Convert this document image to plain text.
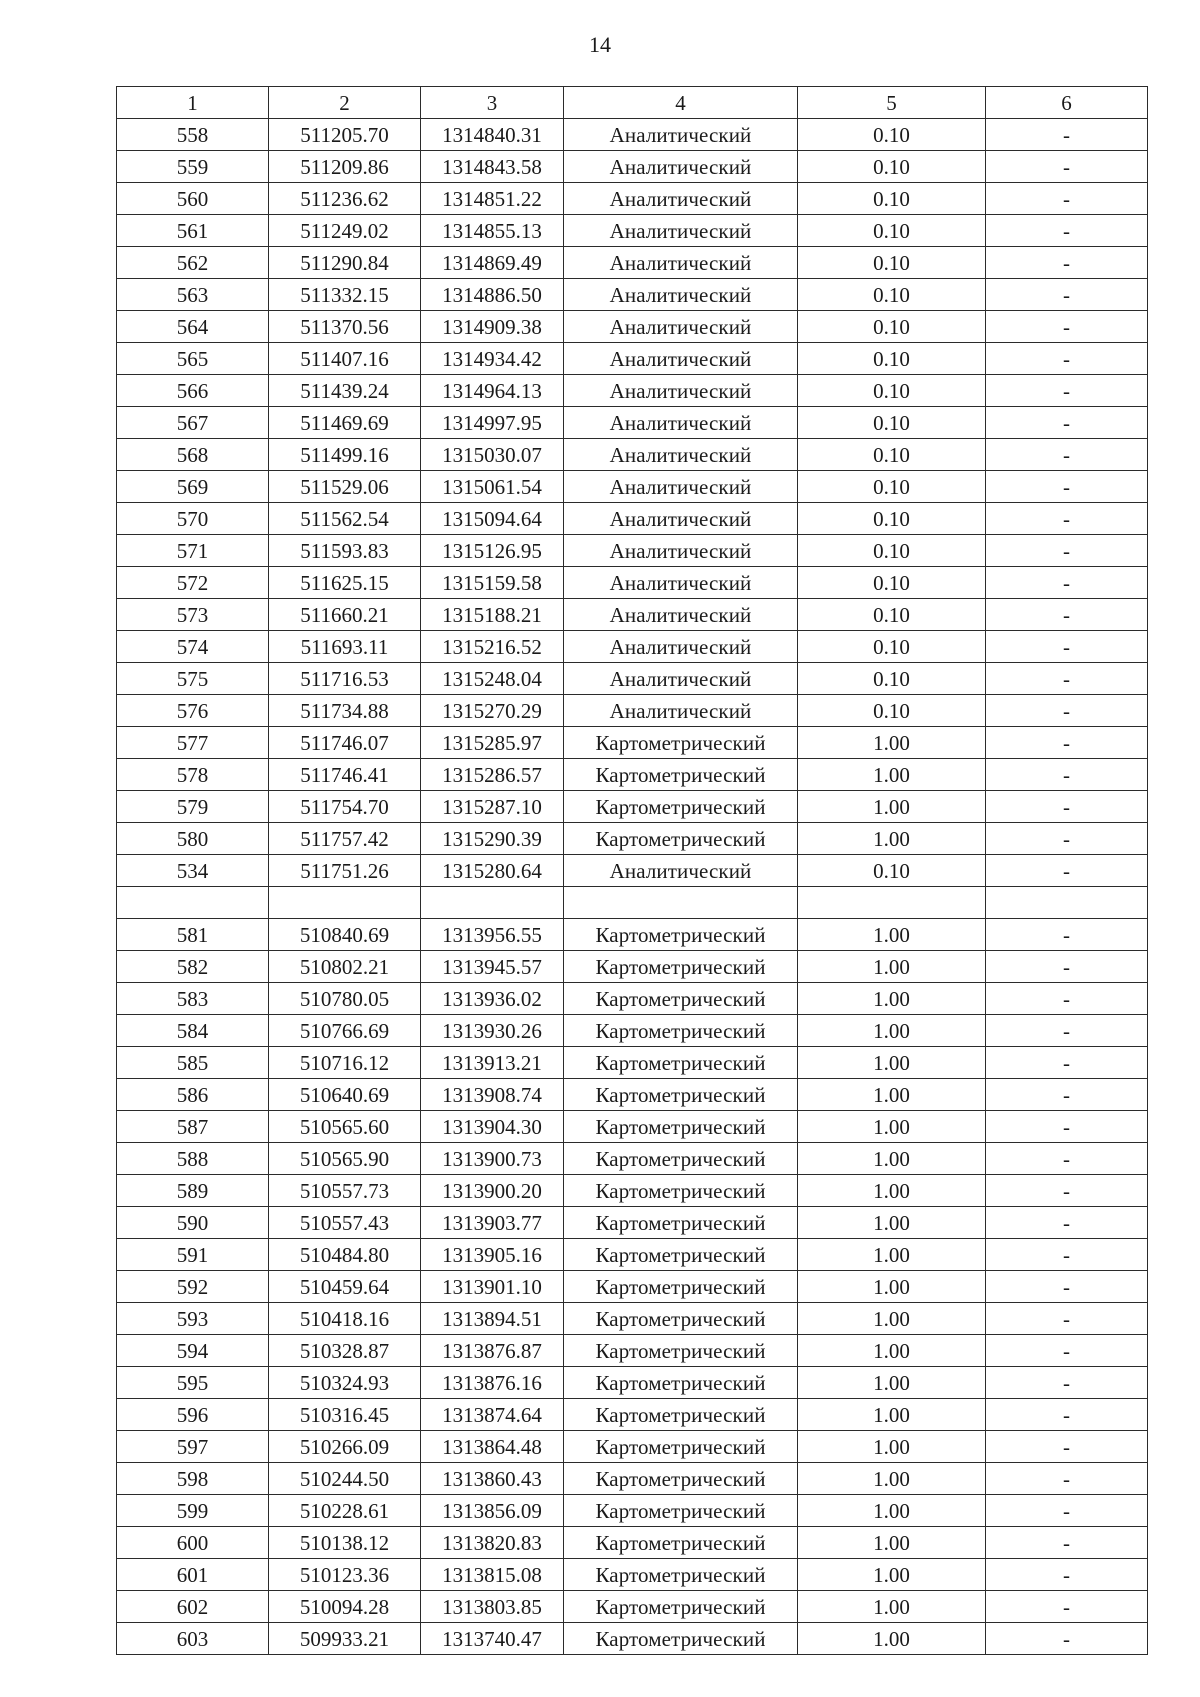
14
1	2	3	4	5	6
558	511205.70	1314840.31	Аналитический	0.10	-
559	511209.86	1314843.58	Аналитический	0.10	-
560	511236.62	1314851.22	Аналитический	0.10	-
561	511249.02	1314855.13	Аналитический	0.10	-
562	511290.84	1314869.49	Аналитический	0.10	-
563	511332.15	1314886.50	Аналитический	0.10	-
564	511370.56	1314909.38	Аналитический	0.10	-
565	511407.16	1314934.42	Аналитический	0.10	-
566	511439.24	1314964.13	Аналитический	0.10	-
567	511469.69	1314997.95	Аналитический	0.10	-
568	511499.16	1315030.07	Аналитический	0.10	-
569	511529.06	1315061.54	Аналитический	0.10	-
570	511562.54	1315094.64	Аналитический	0.10	-
571	511593.83	1315126.95	Аналитический	0.10	-
572	511625.15	1315159.58	Аналитический	0.10	-
573	511660.21	1315188.21	Аналитический	0.10	-
574	511693.11	1315216.52	Аналитический	0.10	-
575	511716.53	1315248.04	Аналитический	0.10	-
576	511734.88	1315270.29	Аналитический	0.10	-
577	511746.07	1315285.97	Картометрический	1.00	-
578	511746.41	1315286.57	Картометрический	1.00	-
579	511754.70	1315287.10	Картометрический	1.00	-
580	511757.42	1315290.39	Картометрический	1.00	-
534	511751.26	1315280.64	Аналитический	0.10	-

581	510840.69	1313956.55	Картометрический	1.00	-
582	510802.21	1313945.57	Картометрический	1.00	-
583	510780.05	1313936.02	Картометрический	1.00	-
584	510766.69	1313930.26	Картометрический	1.00	-
585	510716.12	1313913.21	Картометрический	1.00	-
586	510640.69	1313908.74	Картометрический	1.00	-
587	510565.60	1313904.30	Картометрический	1.00	-
588	510565.90	1313900.73	Картометрический	1.00	-
589	510557.73	1313900.20	Картометрический	1.00	-
590	510557.43	1313903.77	Картометрический	1.00	-
591	510484.80	1313905.16	Картометрический	1.00	-
592	510459.64	1313901.10	Картометрический	1.00	-
593	510418.16	1313894.51	Картометрический	1.00	-
594	510328.87	1313876.87	Картометрический	1.00	-
595	510324.93	1313876.16	Картометрический	1.00	-
596	510316.45	1313874.64	Картометрический	1.00	-
597	510266.09	1313864.48	Картометрический	1.00	-
598	510244.50	1313860.43	Картометрический	1.00	-
599	510228.61	1313856.09	Картометрический	1.00	-
600	510138.12	1313820.83	Картометрический	1.00	-
601	510123.36	1313815.08	Картометрический	1.00	-
602	510094.28	1313803.85	Картометрический	1.00	-
603	509933.21	1313740.47	Картометрический	1.00	-
